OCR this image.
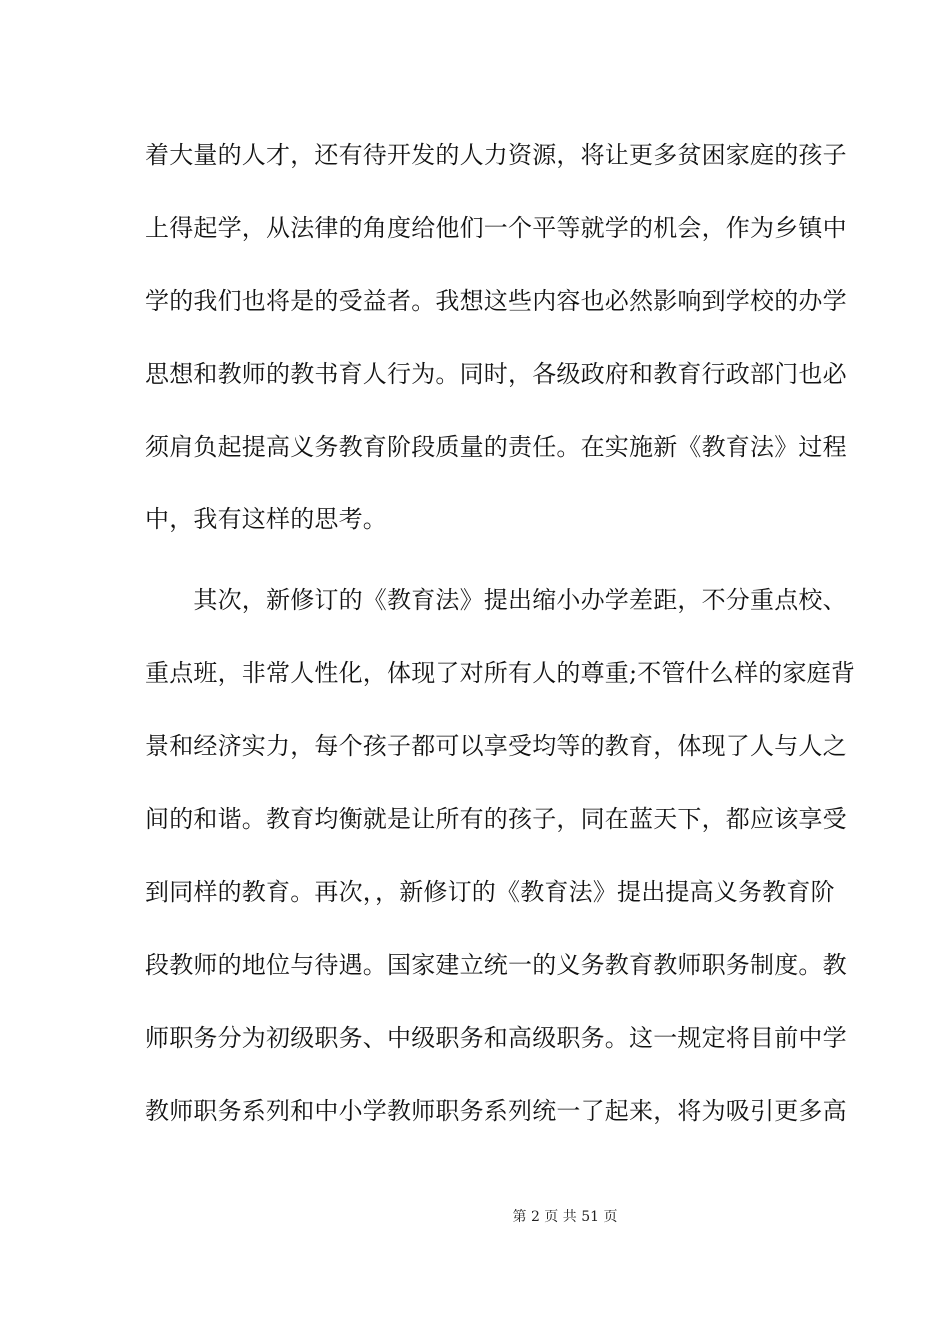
着大量的人才，还有待开发的人力资源，将让更多贫困家庭的孩子
上得起学，从法律的角度给他们一个平等就学的机会，作为乡镇中
学的我们也将是的受益者。我想这些内容也必然影响到学校的办学
思想和教师的教书育人行为。同时，各级政府和教育行政部门也必
须肩负起提高义务教育阶段质量的责任。在实施新《教育法》过程
中，我有这样的思考。
　　其次，新修订的《教育法》提出缩小办学差距，不分重点校、
重点班，非常人性化，体现了对所有人的尊重;不管什么样的家庭背
景和经济实力，每个孩子都可以享受均等的教育，体现了人与人之
间的和谐。教育均衡就是让所有的孩子，同在蓝天下，都应该享受
到同样的教育。再次，，新修订的《教育法》提出提高义务教育阶
段教师的地位与待遇。国家建立统一的义务教育教师职务制度。教
师职务分为初级职务、中级职务和高级职务。这一规定将目前中学
教师职务系列和中小学教师职务系列统一了起来，将为吸引更多高
第 2 页 共 51 页
